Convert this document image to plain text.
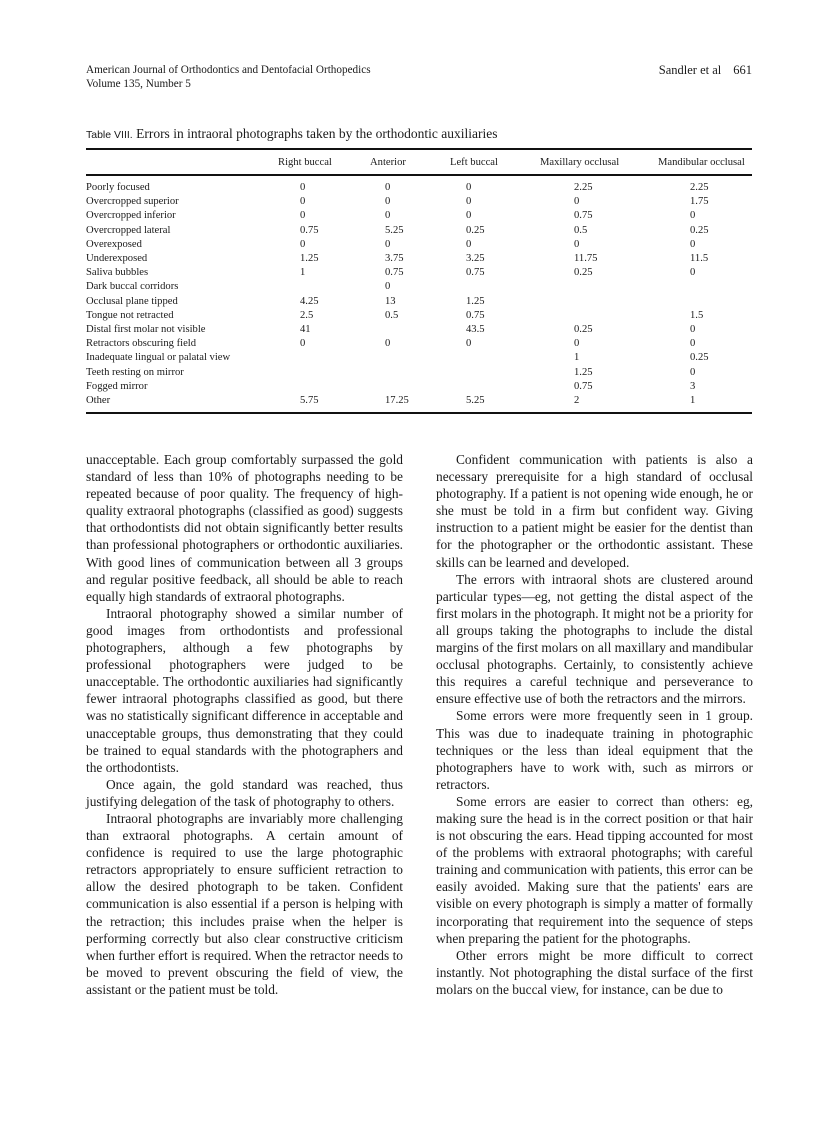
American Journal of Orthodontics and Dentofacial Orthopedics
Volume 135, Number 5
Sandler et al 661
Table VIII. Errors in intraoral photographs taken by the orthodontic auxiliaries
	Right buccal	Anterior	Left buccal	Maxillary occlusal	Mandibular occlusal
Poorly focused	0	0	0	2.25	2.25
Overcropped superior	0	0	0	0	1.75
Overcropped inferior	0	0	0	0.75	0
Overcropped lateral	0.75	5.25	0.25	0.5	0.25
Overexposed	0	0	0	0	0
Underexposed	1.25	3.75	3.25	11.75	11.5
Saliva bubbles	1	0.75	0.75	0.25	0
Dark buccal corridors		0			
Occlusal plane tipped	4.25	13	1.25		
Tongue not retracted	2.5	0.5	0.75		1.5
Distal first molar not visible	41		43.5	0.25	0
Retractors obscuring field	0	0	0	0	0
Inadequate lingual or palatal view				1	0.25
Teeth resting on mirror				1.25	0
Fogged mirror				0.75	3
Other	5.75	17.25	5.25	2	1

unacceptable. Each group comfortably surpassed the gold standard of less than 10% of photographs needing to be repeated because of poor quality. The frequency of high-quality extraoral photographs (classified as good) suggests that orthodontists did not obtain significantly better results than professional photographers or orthodontic auxiliaries. With good lines of communication between all 3 groups and regular positive feedback, all should be able to reach equally high standards of extraoral photographs.

Intraoral photography showed a similar number of good images from orthodontists and professional photographers, although a few photographs by professional photographers were judged to be unacceptable. The orthodontic auxiliaries had significantly fewer intraoral photographs classified as good, but there was no statistically significant difference in acceptable and unacceptable groups, thus demonstrating that they could be trained to equal standards with the photographers and the orthodontists.

Once again, the gold standard was reached, thus justifying delegation of the task of photography to others.

Intraoral photographs are invariably more challenging than extraoral photographs. A certain amount of confidence is required to use the large photographic retractors appropriately to ensure sufficient retraction to allow the desired photograph to be taken. Confident communication is also essential if a person is helping with the retraction; this includes praise when the helper is performing correctly but also clear constructive criticism when further effort is required. When the retractor needs to be moved to prevent obscuring the field of view, the assistant or the patient must be told.

Confident communication with patients is also a necessary prerequisite for a high standard of occlusal photography. If a patient is not opening wide enough, he or she must be told in a firm but confident way. Giving instruction to a patient might be easier for the dentist than for the photographer or the orthodontic assistant. These skills can be learned and developed.

The errors with intraoral shots are clustered around particular types—eg, not getting the distal aspect of the first molars in the photograph. It might not be a priority for all groups taking the photographs to include the distal margins of the first molars on all maxillary and mandibular occlusal photographs. Certainly, to consistently achieve this requires a careful technique and perseverance to ensure effective use of both the retractors and the mirrors.

Some errors were more frequently seen in 1 group. This was due to inadequate training in photographic techniques or the less than ideal equipment that the photographers have to work with, such as mirrors or retractors.

Some errors are easier to correct than others: eg, making sure the head is in the correct position or that hair is not obscuring the ears. Head tipping accounted for most of the problems with extraoral photographs; with careful training and communication with patients, this error can be easily avoided. Making sure that the patients' ears are visible on every photograph is simply a matter of formally incorporating that requirement into the sequence of steps when preparing the patient for the photographs.

Other errors might be more difficult to correct instantly. Not photographing the distal surface of the first molars on the buccal view, for instance, can be due to
